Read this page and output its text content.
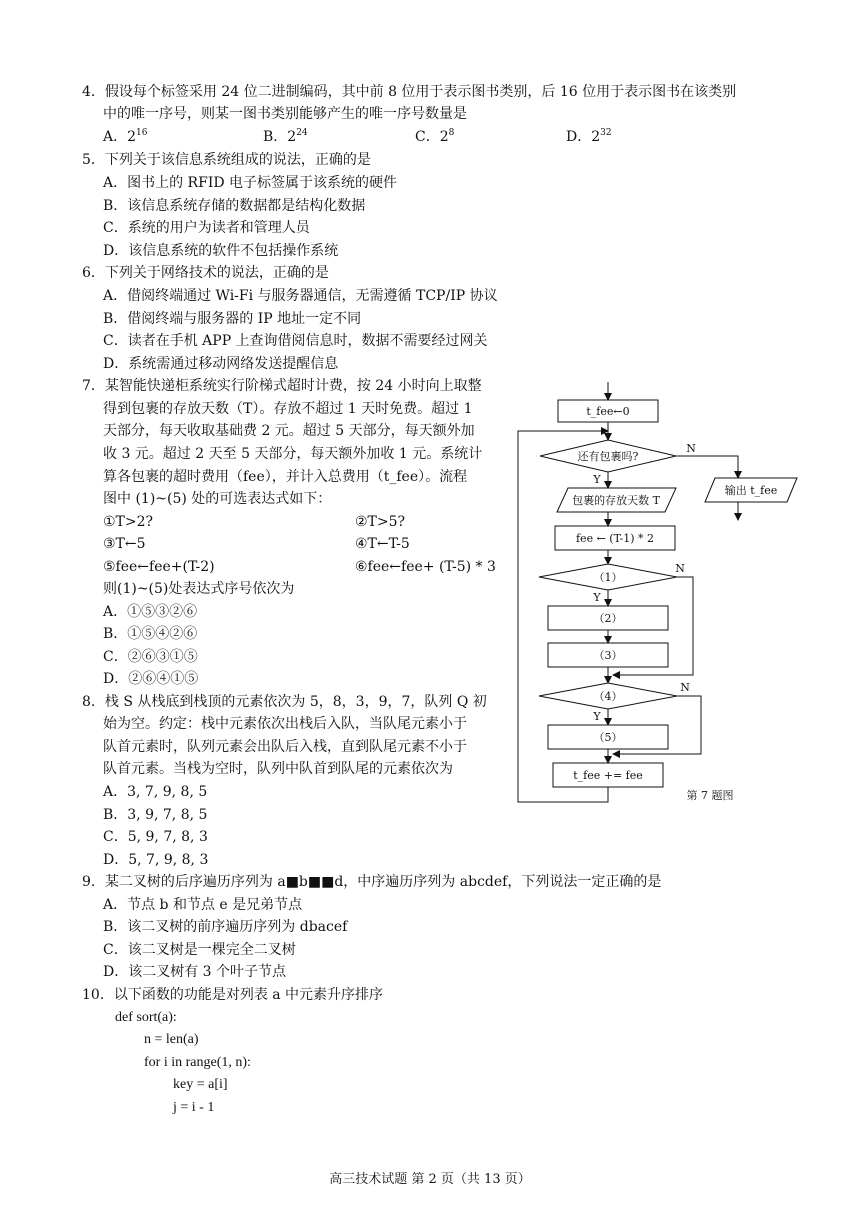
4．假设每个标签采用 24 位二进制编码，其中前 8 位用于表示图书类别，后 16 位用于表示图书在该类别
中的唯一序号，则某一图书类别能够产生的唯一序号数量是
A．$2^{16}$	B．$2^{24}$	C．$2^8$	D．$2^{32}$
5．下列关于该信息系统组成的说法，正确的是
A．图书上的 RFID 电子标签属于该系统的硬件
B．该信息系统存储的数据都是结构化数据
C．系统的用户为读者和管理人员
D．该信息系统的软件不包括操作系统
6．下列关于网络技术的说法，正确的是
A．借阅终端通过 Wi-Fi 与服务器通信，无需遵循 TCP/IP 协议
B．借阅终端与服务器的 IP 地址一定不同
C．读者在手机 APP 上查询借阅信息时，数据不需要经过网关
D．系统需通过移动网络发送提醒信息
7．某智能快递柜系统实行阶梯式超时计费，按 24 小时向上取整
得到包裹的存放天数（T）。存放不超过 1 天时免费。超过 1
天部分，每天收取基础费 2 元。超过 5 天部分，每天额外加
收 3 元。超过 2 天至 5 天部分，每天额外加收 1 元。系统计
算各包裹的超时费用（fee），并计入总费用（t_fee）。流程
图中 (1)~(5) 处的可选表达式如下：
①T>2?	②T>5?
③T←5	④T←T-5
⑤fee←fee+(T-2)	⑥fee←fee+ (T-5) * 3
则(1)~(5)处表达式序号依次为
A．①⑤③②⑥
B．①⑤④②⑥
C．②⑥③①⑤
D．②⑥④①⑤
t_fee←0
还有包裹吗?
N
Y
输出 t_fee
包裹的存放天数 T
fee ← (T-1) * 2
（1）
N
Y
（2）
（3）
（4）
N
Y
（5）
t_fee += fee
第 7 题图
8．栈 S 从栈底到栈顶的元素依次为 5，8，3，9，7，队列 Q 初
始为空。约定：栈中元素依次出栈后入队，当队尾元素小于
队首元素时，队列元素会出队后入栈，直到队尾元素不小于
队首元素。当栈为空时，队列中队首到队尾的元素依次为
A．3, 7, 9, 8, 5
B．3, 9, 7, 8, 5
C．5, 9, 7, 8, 3
D．5, 7, 9, 8, 3
9．某二叉树的后序遍历序列为 a■b■■d，中序遍历序列为 abcdef，下列说法一定正确的是
A．节点 b 和节点 e 是兄弟节点
B．该二叉树的前序遍历序列为 dbacef
C．该二叉树是一棵完全二叉树
D．该二叉树有 3 个叶子节点
10．以下函数的功能是对列表 a 中元素升序排序
def sort(a):
n = len(a)
for i in range(1, n):
key = a[i]
j = i - 1
高三技术试题 第 2 页（共 13 页）
